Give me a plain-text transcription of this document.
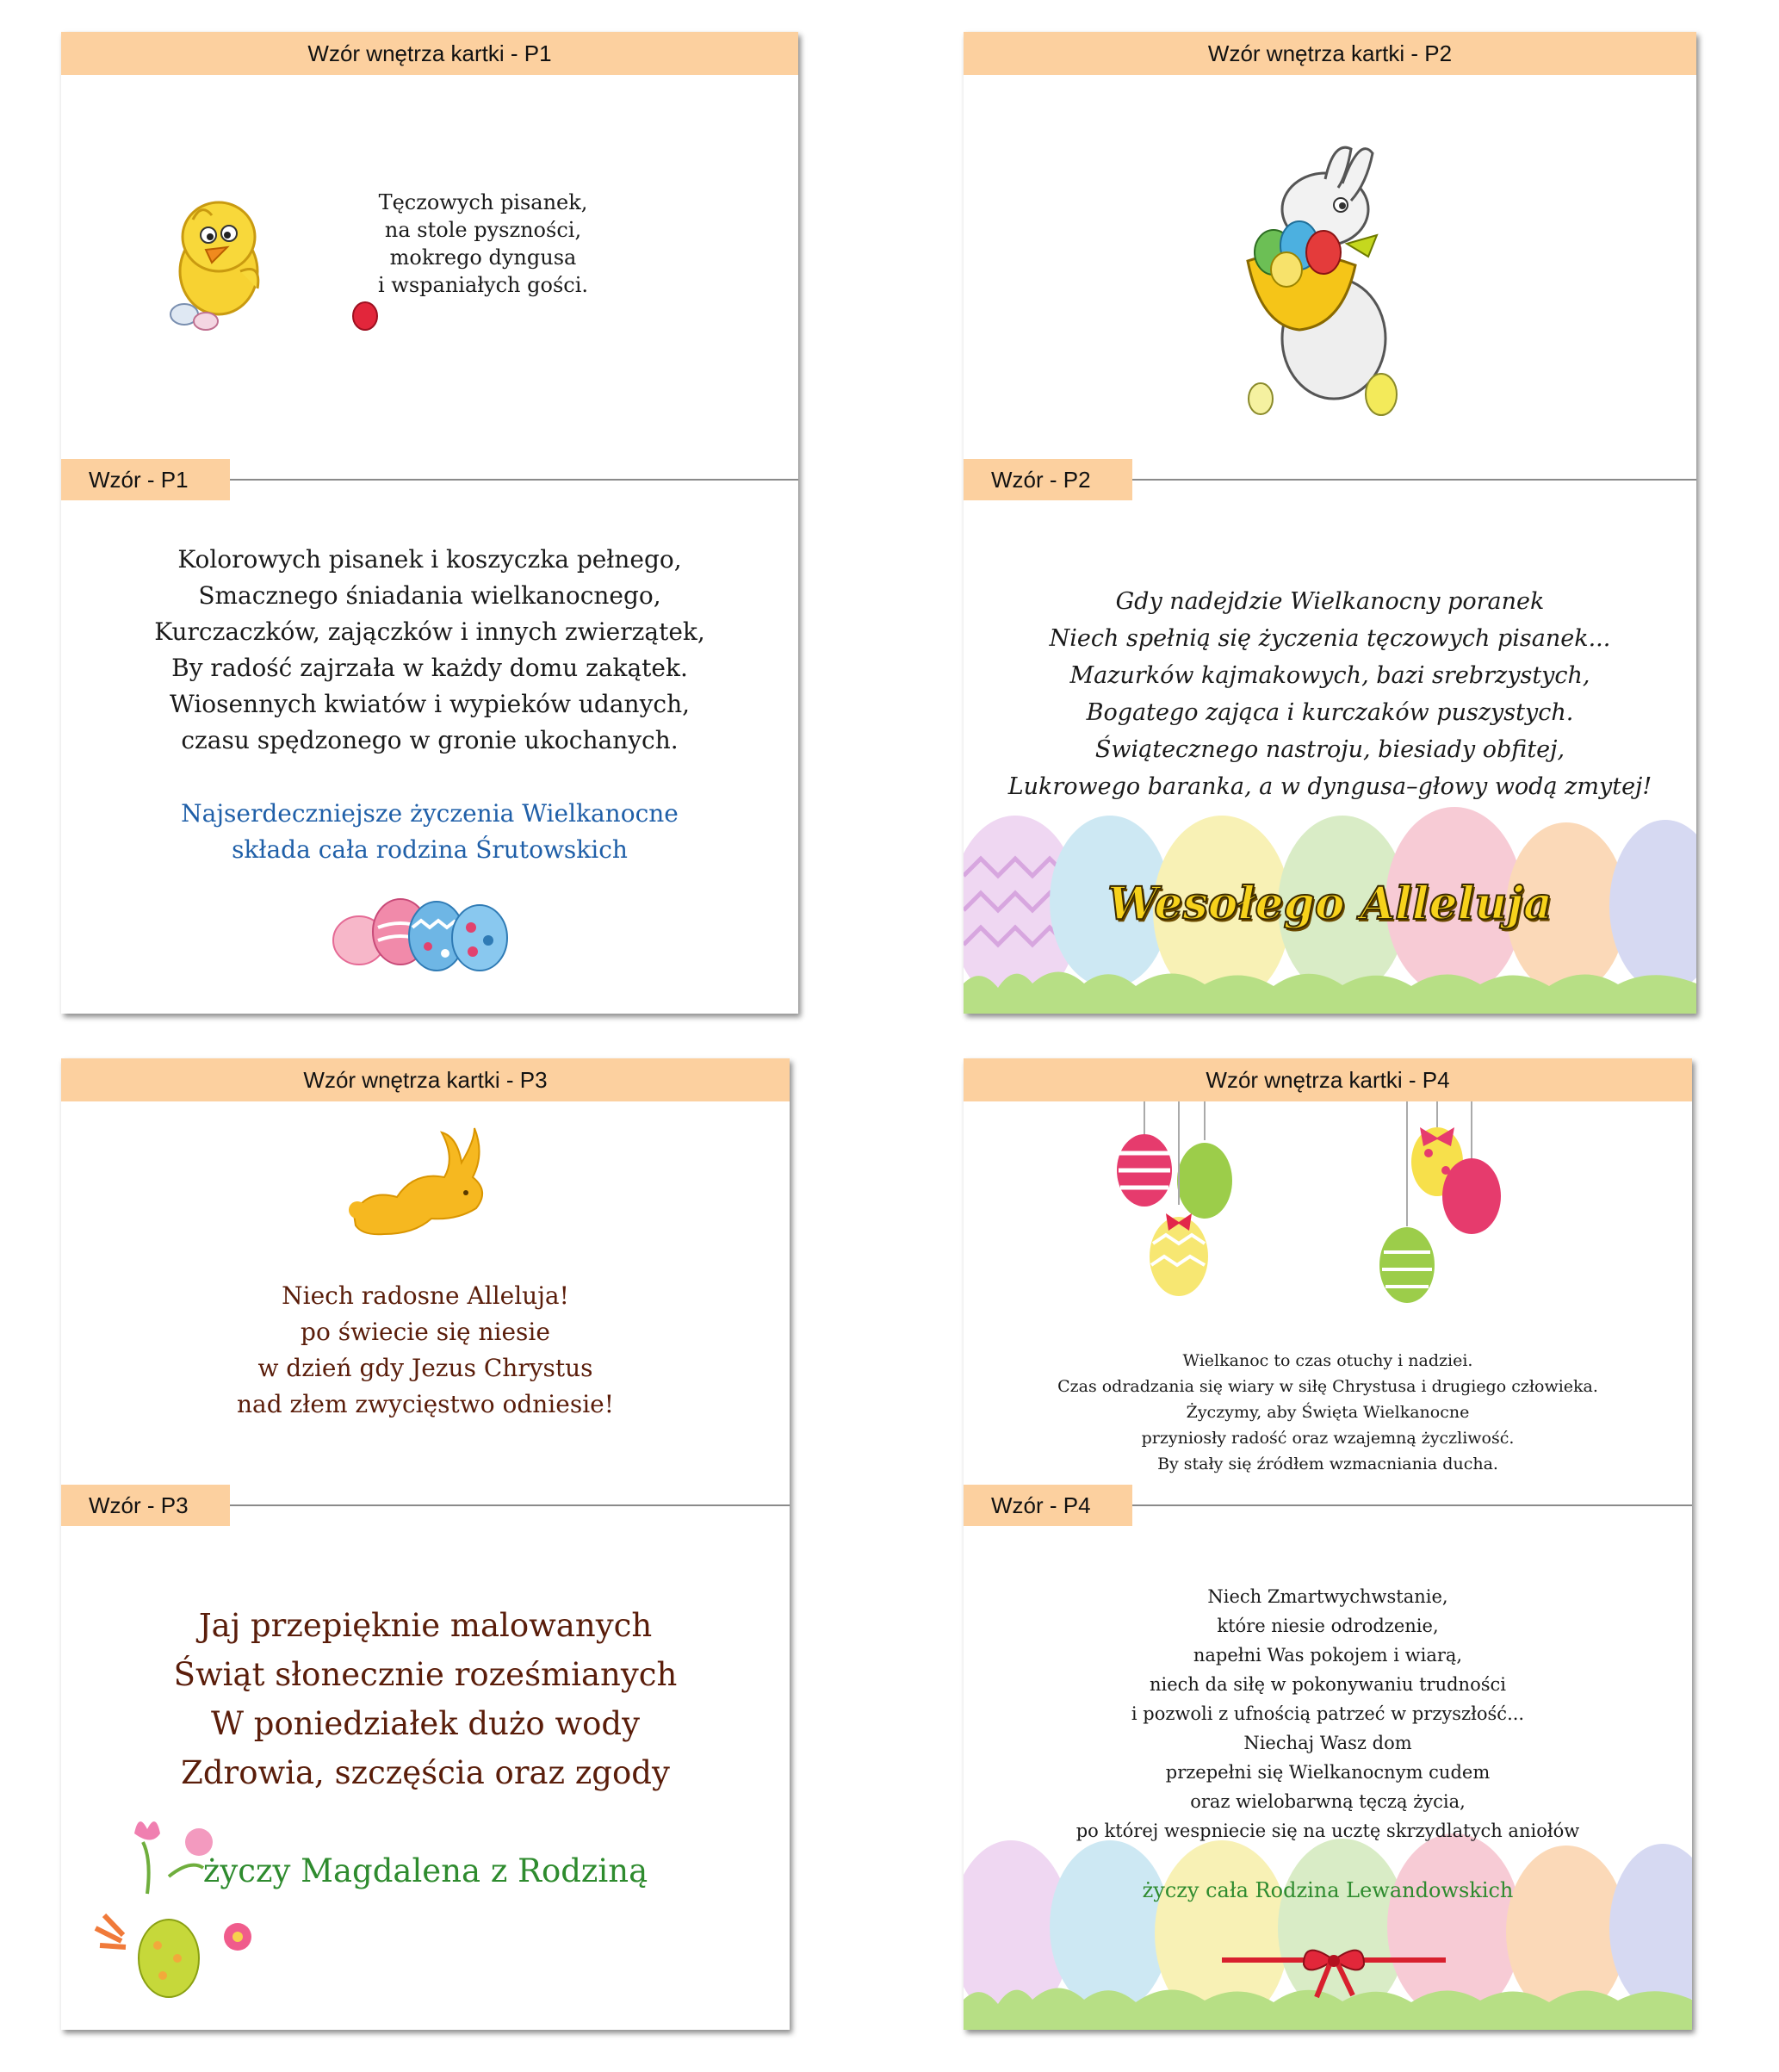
Wzór wnętrza kartki - P1
Tęczowych pisanek,
na stole pyszności,
mokrego dyngusa
i wspaniałych gości.
Wzór - P1
Kolorowych pisanek i koszyczka pełnego,
Smacznego śniadania wielkanocnego,
Kurczaczków, zajączków i innych zwierzątek,
By radość zajrzała w każdy domu zakątek.
Wiosennych kwiatów i wypieków udanych,
czasu spędzonego w gronie ukochanych.
Najserdeczniejsze życzenia Wielkanocne
składa cała rodzina Śrutowskich
Wzór wnętrza kartki - P2
Wzór - P2
Gdy nadejdzie Wielkanocny poranek
Niech spełnią się życzenia tęczowych pisanek...
Mazurków kajmakowych, bazi srebrzystych,
Bogatego zająca i kurczaków puszystych.
Świątecznego nastroju, biesiady obfitej,
Lukrowego baranka, a w dyngusa–głowy wodą zmytej!
Wesołego Alleluja
Wzór wnętrza kartki - P3
Niech radosne Alleluja!
po świecie się niesie
w dzień gdy Jezus Chrystus
nad złem zwycięstwo odniesie!
Wzór - P3
Jaj przepięknie malowanych
Świąt słonecznie roześmianych
W poniedziałek dużo wody
Zdrowia, szczęścia oraz zgody
życzy Magdalena z Rodziną
Wzór wnętrza kartki - P4
Wielkanoc to czas otuchy i nadziei.
Czas odradzania się wiary w siłę Chrystusa i drugiego człowieka.
Życzymy, aby Święta Wielkanocne
przyniosły radość oraz wzajemną życzliwość.
By stały się źródłem wzmacniania ducha.
Wzór - P4
Niech Zmartwychwstanie,
które niesie odrodzenie,
napełni Was pokojem i wiarą,
niech da siłę w pokonywaniu trudności
i pozwoli z ufnością patrzeć w przyszłość...
Niechaj Wasz dom
przepełni się Wielkanocnym cudem
oraz wielobarwną tęczą życia,
po której wespniecie się na ucztę skrzydlatych aniołów
życzy cała Rodzina Lewandowskich
